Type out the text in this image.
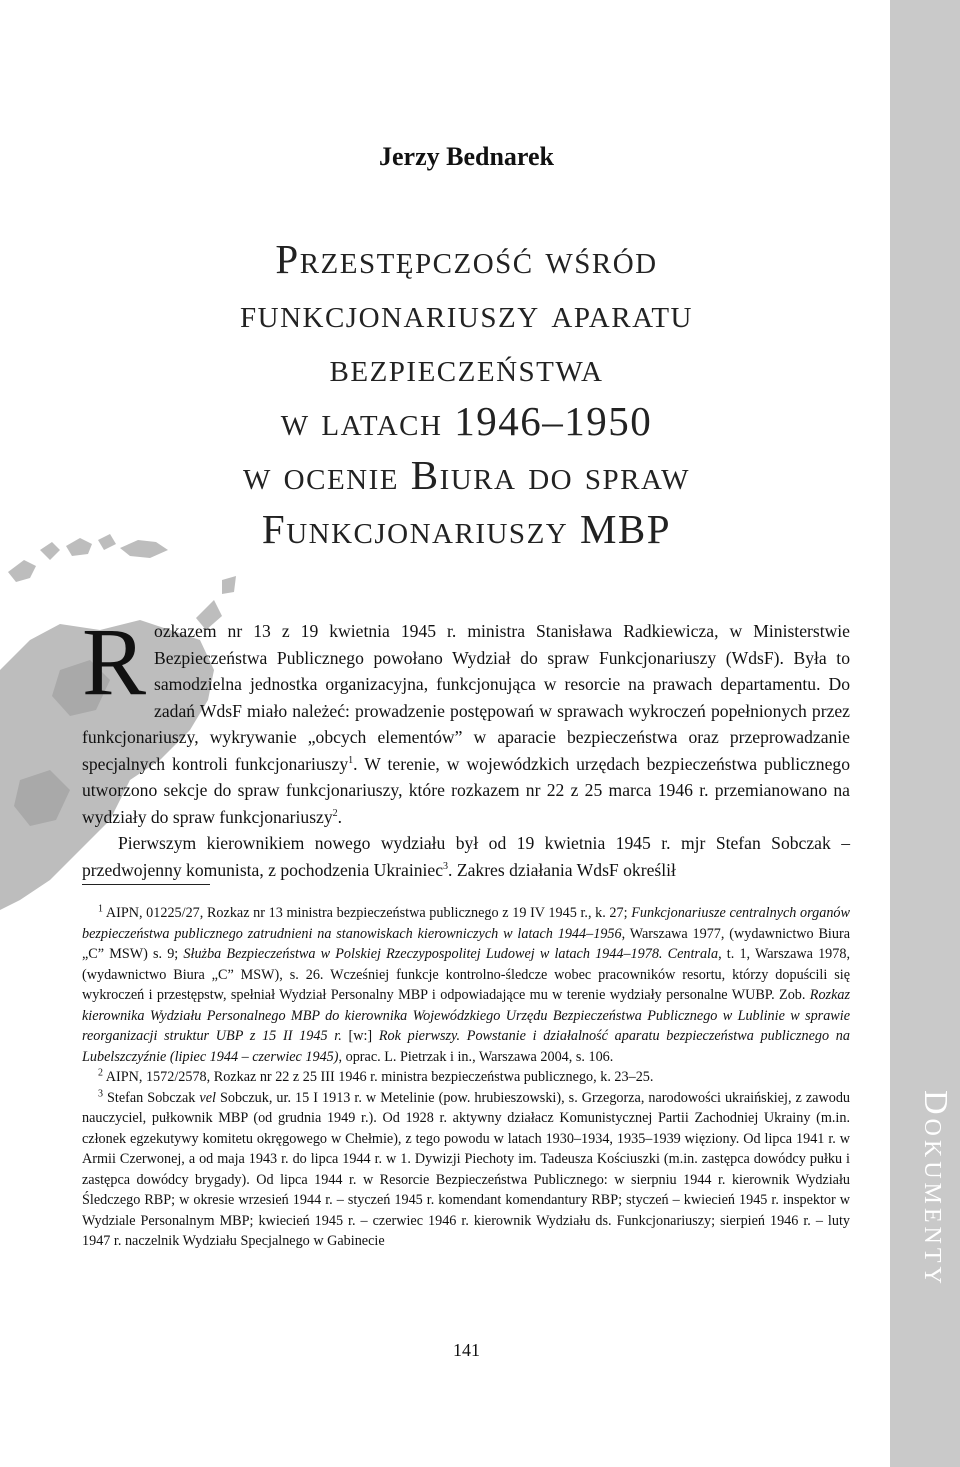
Dokumenty
Jerzy Bednarek
Przestępczość wśród
funkcjonariuszy aparatu
bezpieczeństwa
w latach 1946–1950
w ocenie Biura do spraw
Funkcjonariuszy MBP

Rozkazem nr 13 z 19 kwietnia 1945 r. ministra Stanisława Radkiewicza, w Ministerstwie Bezpieczeństwa Publicznego powołano Wydział do spraw Funkcjonariuszy (WdsF). Była to samodzielna jednostka organizacyjna, funkcjonująca w resorcie na prawach departamentu. Do zadań WdsF miało należeć: prowadzenie postępowań w sprawach wykroczeń popełnionych przez funkcjonariuszy, wykrywanie „obcych elementów” w aparacie bezpieczeństwa oraz przeprowadzanie specjalnych kontroli funkcjonariuszy$^1$. W terenie, w wojewódzkich urzędach bezpieczeństwa publicznego utworzono sekcje do spraw funkcjonariuszy, które rozkazem nr 22 z 25 marca 1946 r. przemianowano na wydziały do spraw funkcjonariuszy$^2$.

Pierwszym kierownikiem nowego wydziału był od 19 kwietnia 1945 r. mjr Stefan Sobczak – przedwojenny komunista, z pochodzenia Ukrainiec$^3$. Zakres działania WdsF określił

$^1$ AIPN, 01225/27, Rozkaz nr 13 ministra bezpieczeństwa publicznego z 19 IV 1945 r., k. 27; Funkcjonariusze centralnych organów bezpieczeństwa publicznego zatrudnieni na stanowiskach kierowniczych w latach 1944–1956, Warszawa 1977, (wydawnictwo Biura „C” MSW) s. 9; Służba Bezpieczeństwa w Polskiej Rzeczypospolitej Ludowej w latach 1944–1978. Centrala, t. 1, Warszawa 1978, (wydawnictwo Biura „C” MSW), s. 26. Wcześniej funkcje kontrolno-śledcze wobec pracowników resortu, którzy dopuścili się wykroczeń i przestępstw, spełniał Wydział Personalny MBP i odpowiadające mu w terenie wydziały personalne WUBP. Zob. Rozkaz kierownika Wydziału Personalnego MBP do kierownika Wojewódzkiego Urzędu Bezpieczeństwa Publicznego w Lublinie w sprawie reorganizacji struktur UBP z 15 II 1945 r. [w:] Rok pierwszy. Powstanie i działalność aparatu bezpieczeństwa publicznego na Lubelszczyźnie (lipiec 1944 – czerwiec 1945), oprac. L. Pietrzak i in., Warszawa 2004, s. 106.

$^2$ AIPN, 1572/2578, Rozkaz nr 22 z 25 III 1946 r. ministra bezpieczeństwa publicznego, k. 23–25.

$^3$ Stefan Sobczak vel Sobczuk, ur. 15 I 1913 r. w Metelinie (pow. hrubieszowski), s. Grzegorza, narodowości ukraińskiej, z zawodu nauczyciel, pułkownik MBP (od grudnia 1949 r.). Od 1928 r. aktywny działacz Komunistycznej Partii Zachodniej Ukrainy (m.in. członek egzekutywy komitetu okręgowego w Chełmie), z tego powodu w latach 1930–1934, 1935–1939 więziony. Od lipca 1941 r. w Armii Czerwonej, a od maja 1943 r. do lipca 1944 r. w 1. Dywizji Piechoty im. Tadeusza Kościuszki (m.in. zastępca dowódcy pułku i zastępca dowódcy brygady). Od lipca 1944 r. w Resorcie Bezpieczeństwa Publicznego: w sierpniu 1944 r. kierownik Wydziału Śledczego RBP; w okresie wrzesień 1944 r. – styczeń 1945 r. komendant komendantury RBP; styczeń – kwiecień 1945 r. inspektor w Wydziale Personalnym MBP; kwiecień 1945 r. – czerwiec 1946 r. kierownik Wydziału ds. Funkcjonariuszy; sierpień 1946 r. – luty 1947 r. naczelnik Wydziału Specjalnego w Gabinecie

141
